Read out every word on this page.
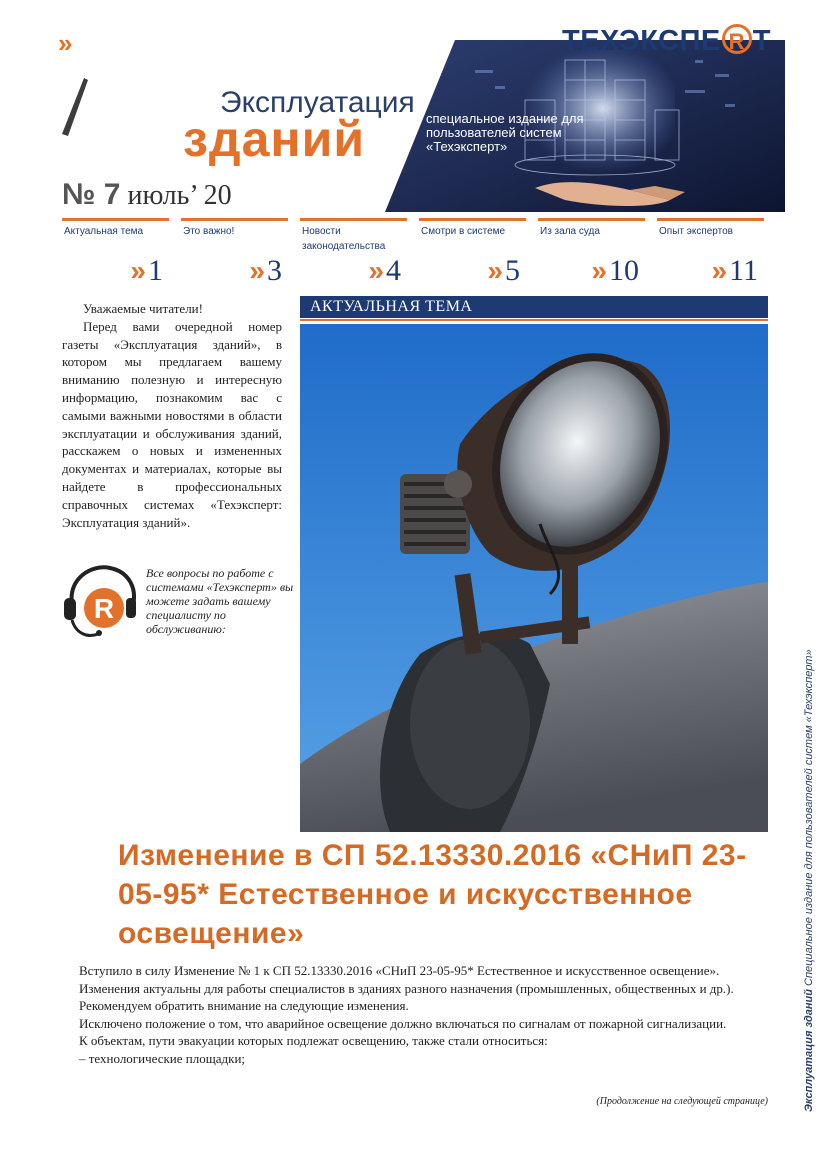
»	ТЕХЭКСПЕ R Т
Эксплуатация
зданий	специальное издание для пользователей систем «Техэксперт»
№ 7 июль’ 20
Актуальная тема
»1
Это важно!
»3
Новости законодательства
»4
Смотри в системе
»5
Из зала суда
»10
Опыт экспертов
»11

Уважаемые читатели!

Перед вами очередной номер газеты «Эксплуатация зданий», в котором мы предлагаем вашему вниманию полезную и интересную информацию, познакомим вас с самыми важными новостями в области эксплуатации и обслуживания зданий, расскажем о новых и измененных документах и материалах, которые вы найдете в профессиональных справочных системах «Техэксперт: Эксплуатация зданий».

R
Все вопросы по работе с системами «Техэксперт» вы можете задать вашему специалисту по обслуживанию:
АКТУАЛЬНАЯ ТЕМА
Изменение в СП 52.13330.2016 «СНиП 23-05-95* Естественное и искусственное освещение»

Вступило в силу Изменение № 1 к СП 52.13330.2016 «СНиП 23-05-95* Естественное и искусственное освещение».

Изменения актуальны для работы специалистов в зданиях разного назначения (промышленных, общественных и др.).

Рекомендуем обратить внимание на следующие изменения.

Исключено положение о том, что аварийное освещение должно включаться по сигналам от пожарной сигнализации.

К объектам, пути эвакуации которых подлежат освещению, также стали относиться:

– технологические площадки;

(Продолжение на следующей странице)	Эксплуатация зданий Специальное издание для пользователей систем «Техэксперт»
